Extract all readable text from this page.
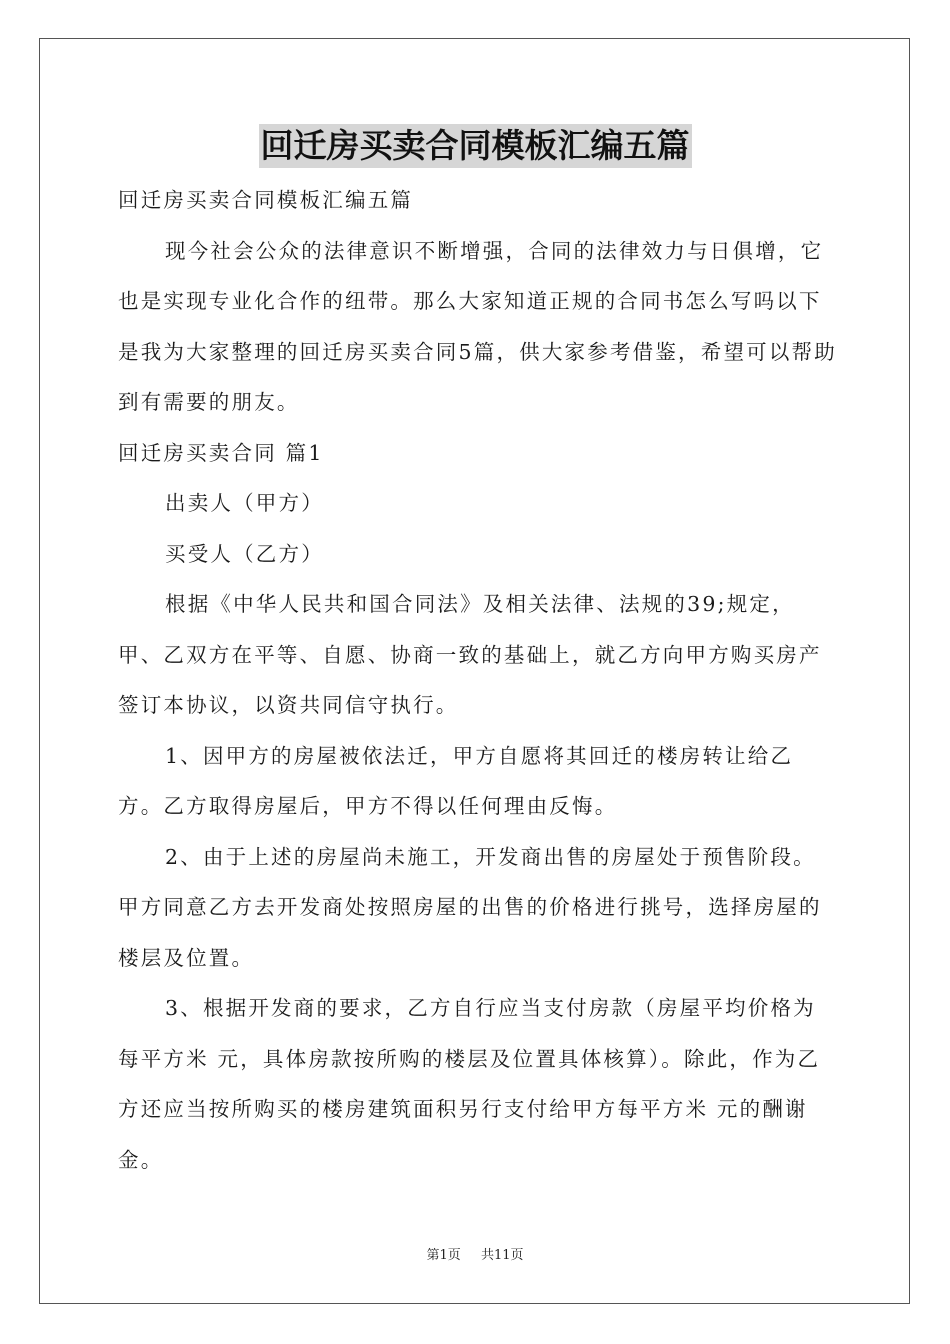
回迁房买卖合同模板汇编五篇

回迁房买卖合同模板汇编五篇

现今社会公众的法律意识不断增强，合同的法律效力与日俱增，它也是实现专业化合作的纽带。那么大家知道正规的合同书怎么写吗以下是我为大家整理的回迁房买卖合同5篇，供大家参考借鉴，希望可以帮助到有需要的朋友。

回迁房买卖合同 篇1

出卖人（甲方）

买受人（乙方）

根据《中华人民共和国合同法》及相关法律、法规的39;规定，甲、乙双方在平等、自愿、协商一致的基础上，就乙方向甲方购买房产签订本协议，以资共同信守执行。

1、因甲方的房屋被依法迁，甲方自愿将其回迁的楼房转让给乙方。乙方取得房屋后，甲方不得以任何理由反悔。

2、由于上述的房屋尚未施工，开发商出售的房屋处于预售阶段。 甲方同意乙方去开发商处按照房屋的出售的价格进行挑号，选择房屋的楼层及位置。

3、根据开发商的要求，乙方自行应当支付房款（房屋平均价格为每平方米 元，具体房款按所购的楼层及位置具体核算）。除此，作为乙方还应当按所购买的楼房建筑面积另行支付给甲方每平方米 元的酬谢金。

第1页 共11页
